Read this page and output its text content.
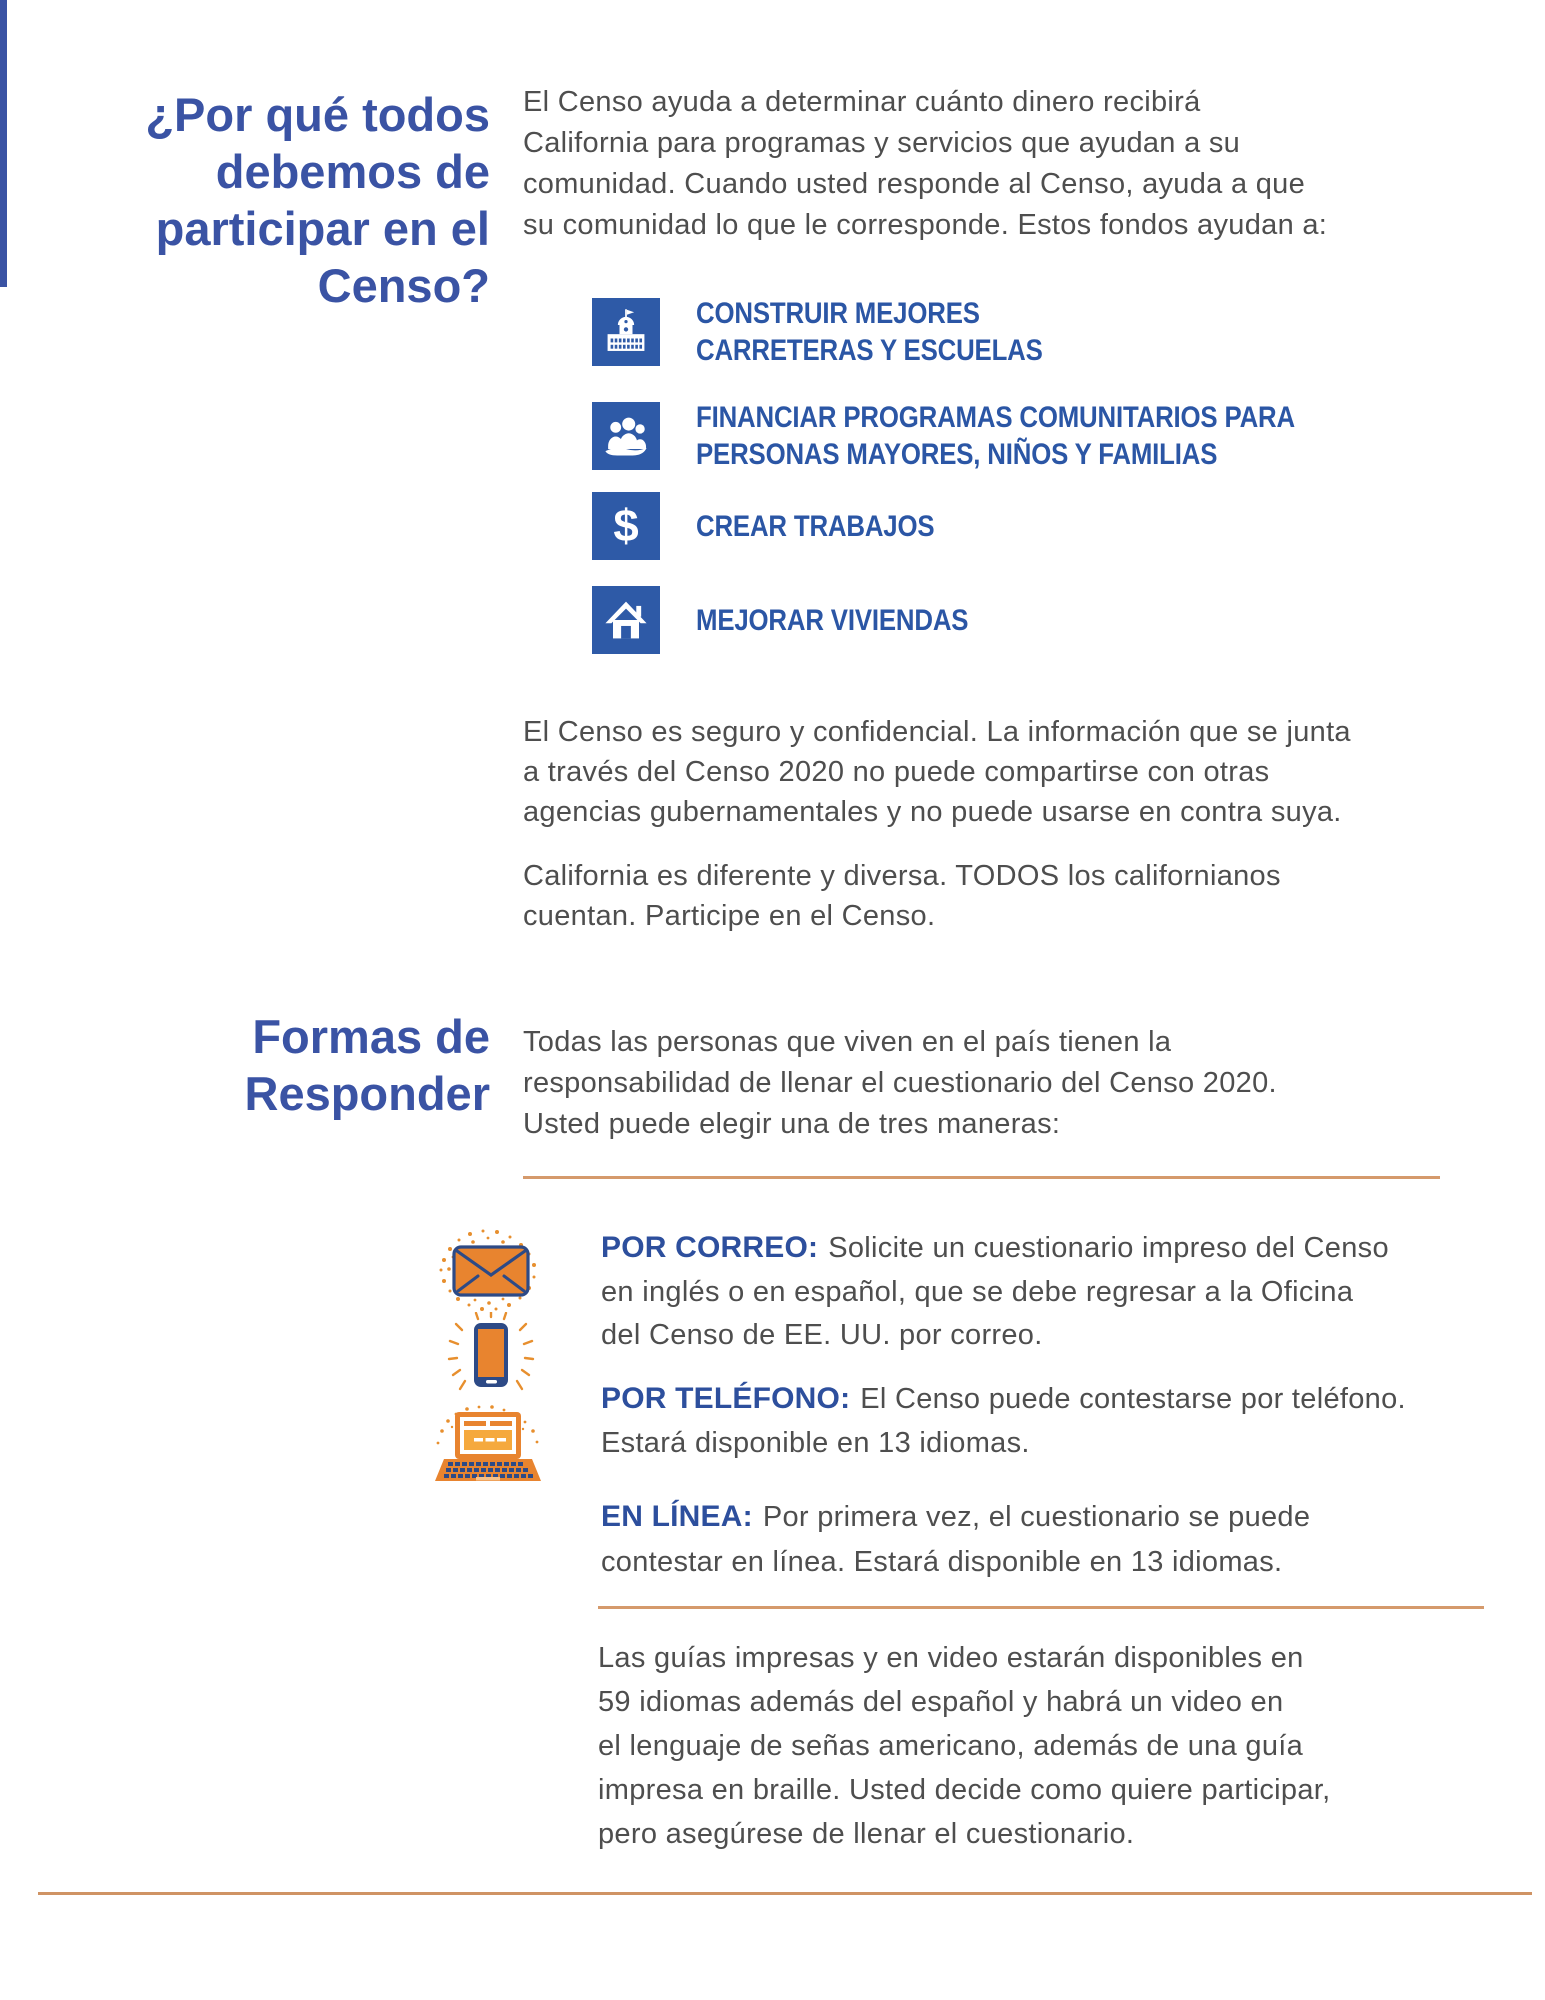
¿Por qué todos
debemos de
participar en el
Censo?
El Censo ayuda a determinar cuánto dinero recibirá
California para programas y servicios que ayudan a su
comunidad. Cuando usted responde al Censo, ayuda a que
su comunidad lo que le corresponde. Estos fondos ayudan a:
CONSTRUIR MEJORES
CARRETERAS Y ESCUELAS
FINANCIAR PROGRAMAS COMUNITARIOS PARA
PERSONAS MAYORES, NIÑOS Y FAMILIAS
$ CREAR TRABAJOS
MEJORAR VIVIENDAS
El Censo es seguro y confidencial. La información que se junta
a través del Censo 2020 no puede compartirse con otras
agencias gubernamentales y no puede usarse en contra suya.
California es diferente y diversa. TODOS los californianos
cuentan. Participe en el Censo.
Formas de
Responder
Todas las personas que viven en el país tienen la
responsabilidad de llenar el cuestionario del Censo 2020.
Usted puede elegir una de tres maneras:
POR CORREO: Solicite un cuestionario impreso del Censo
en inglés o en español, que se debe regresar a la Oficina
del Censo de EE. UU. por correo.
POR TELÉFONO: El Censo puede contestarse por teléfono.
Estará disponible en 13 idiomas.
EN LÍNEA: Por primera vez, el cuestionario se puede
contestar en línea. Estará disponible en 13 idiomas.
Las guías impresas y en video estarán disponibles en
59 idiomas además del español y habrá un video en
el lenguaje de señas americano, además de una guía
impresa en braille. Usted decide como quiere participar,
pero asegúrese de llenar el cuestionario.
